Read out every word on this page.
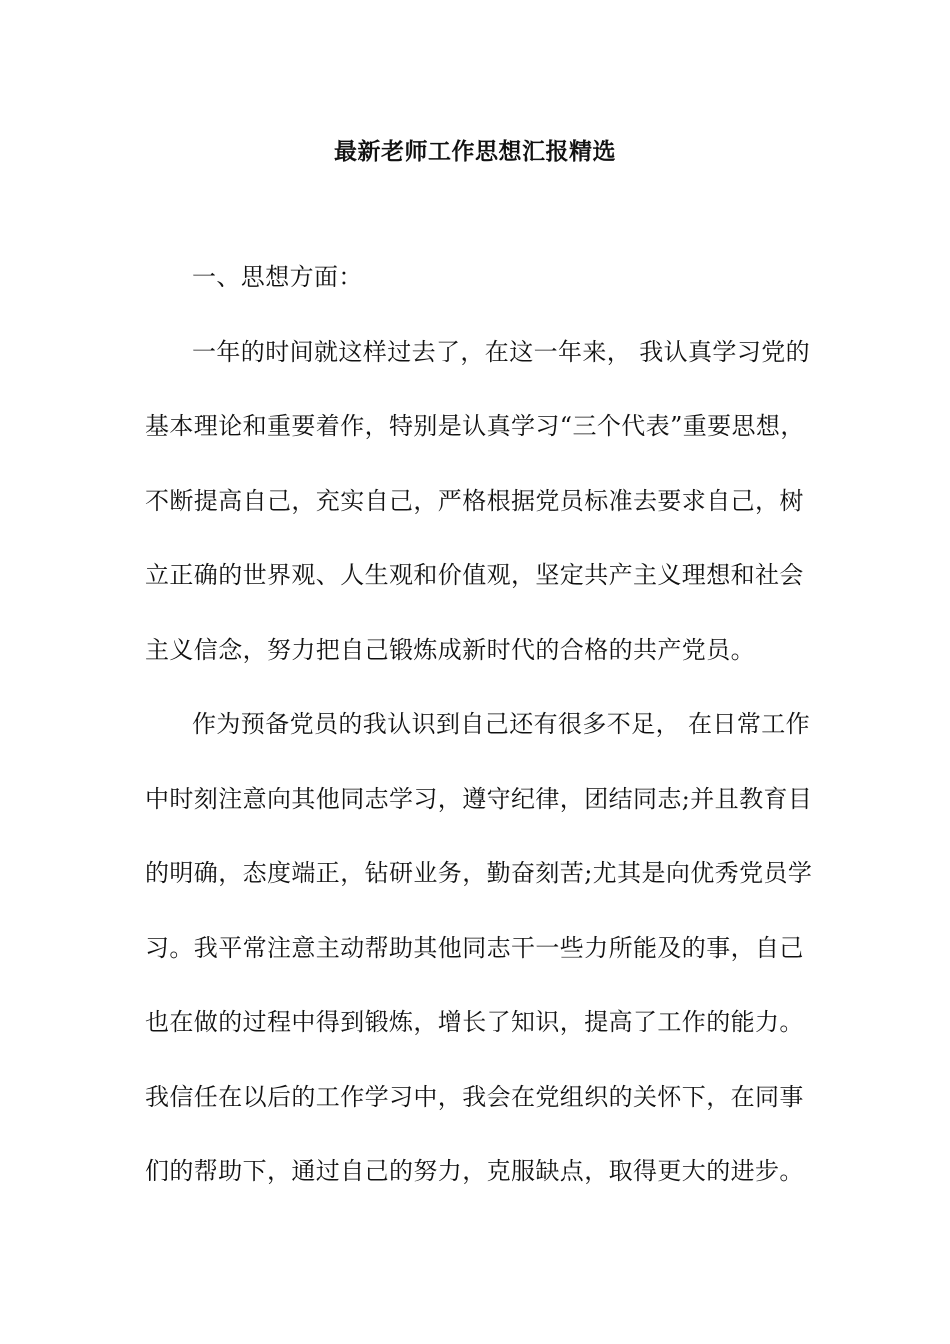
最新老师工作思想汇报精选
一、思想方面：
一年的时间就这样过去了，在这一年来， 我认真学习党的
基本理论和重要着作，特别是认真学习“三个代表”重要思想，
不断提高自己，充实自己，严格根据党员标准去要求自己，树
立正确的世界观、人生观和价值观，坚定共产主义理想和社会
主义信念，努力把自己锻炼成新时代的合格的共产党员。
作为预备党员的我认识到自己还有很多不足， 在日常工作
中时刻注意向其他同志学习，遵守纪律，团结同志;并且教育目
的明确，态度端正，钻研业务，勤奋刻苦;尤其是向优秀党员学
习。我平常注意主动帮助其他同志干一些力所能及的事，自己
也在做的过程中得到锻炼，增长了知识，提高了工作的能力。
我信任在以后的工作学习中，我会在党组织的关怀下，在同事
们的帮助下，通过自己的努力，克服缺点，取得更大的进步。
